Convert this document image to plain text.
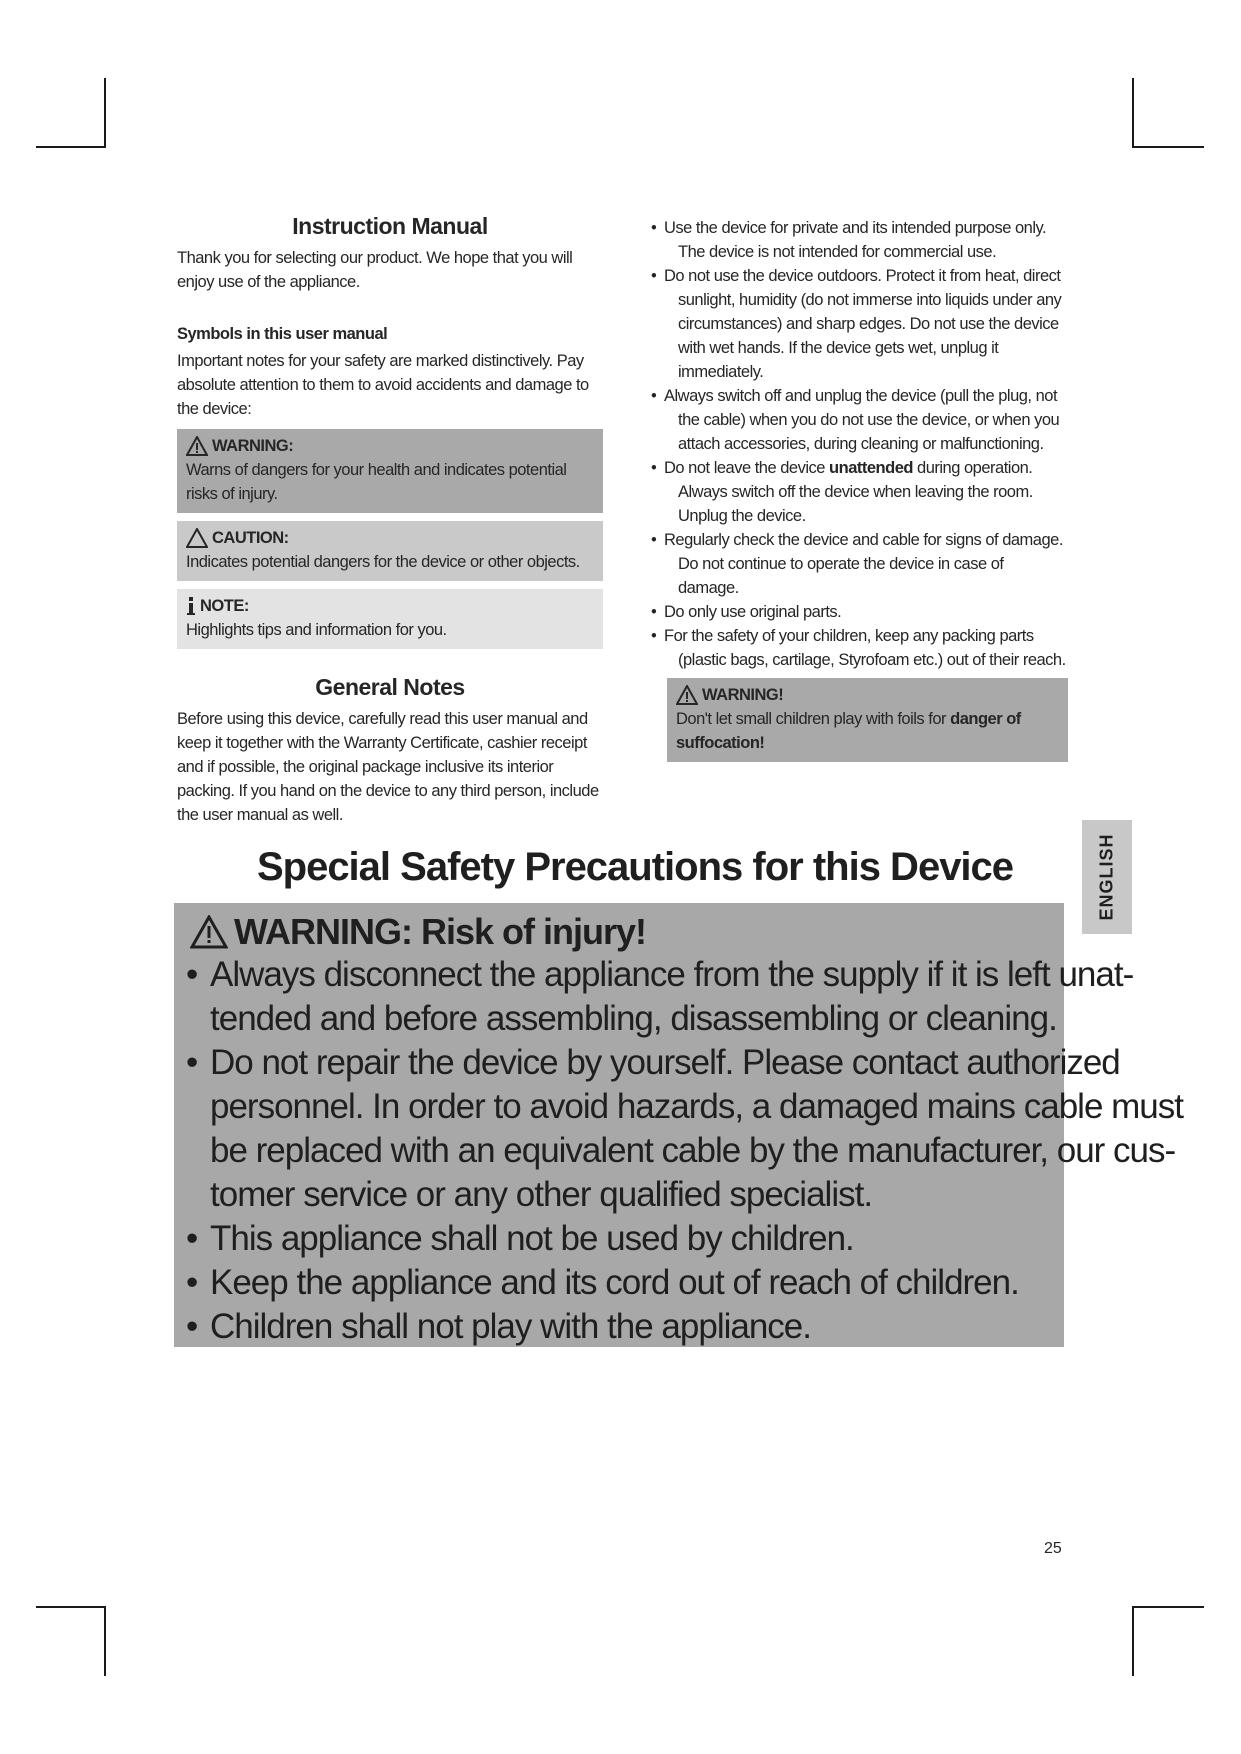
Instruction Manual
Thank you for selecting our product. We hope that you will enjoy use of the appliance.
Symbols in this user manual
Important notes for your safety are marked distinctively. Pay absolute attention to them to avoid accidents and damage to the device:
WARNING:
Warns of dangers for your health and indicates potential risks of injury.
CAUTION:
Indicates potential dangers for the device or other objects.
NOTE:
Highlights tips and information for you.
General Notes
Before using this device, carefully read this user manual and keep it together with the Warranty Certificate, cashier receipt and if possible, the original package inclusive its interior packing. If you hand on the device to any third person, include the user manual as well.
• Use the device for private and its intended purpose only. The device is not intended for commercial use.
• Do not use the device outdoors. Protect it from heat, direct sunlight, humidity (do not immerse into liquids under any circumstances) and sharp edges. Do not use the device with wet hands. If the device gets wet, unplug it immediately.
• Always switch off and unplug the device (pull the plug, not the cable) when you do not use the device, or when you attach accessories, during cleaning or malfunctioning.
• Do not leave the device unattended during operation. Always switch off the device when leaving the room. Unplug the device.
• Regularly check the device and cable for signs of damage. Do not continue to operate the device in case of damage.
• Do only use original parts.
• For the safety of your children, keep any packing parts (plastic bags, cartilage, Styrofoam etc.) out of their reach.
WARNING!
Don't let small children play with foils for danger of suffocation!
Special Safety Precautions for this Device
WARNING: Risk of injury!
• Always disconnect the appliance from the supply if it is left unat-
tended and before assembling, disassembling or cleaning.
• Do not repair the device by yourself. Please contact authorized
personnel. In order to avoid hazards, a damaged mains cable must
be replaced with an equivalent cable by the manufacturer, our cus-
tomer service or any other qualified specialist.
• This appliance shall not be used by children.
• Keep the appliance and its cord out of reach of children.
• Children shall not play with the appliance.
ENGLISH
25
